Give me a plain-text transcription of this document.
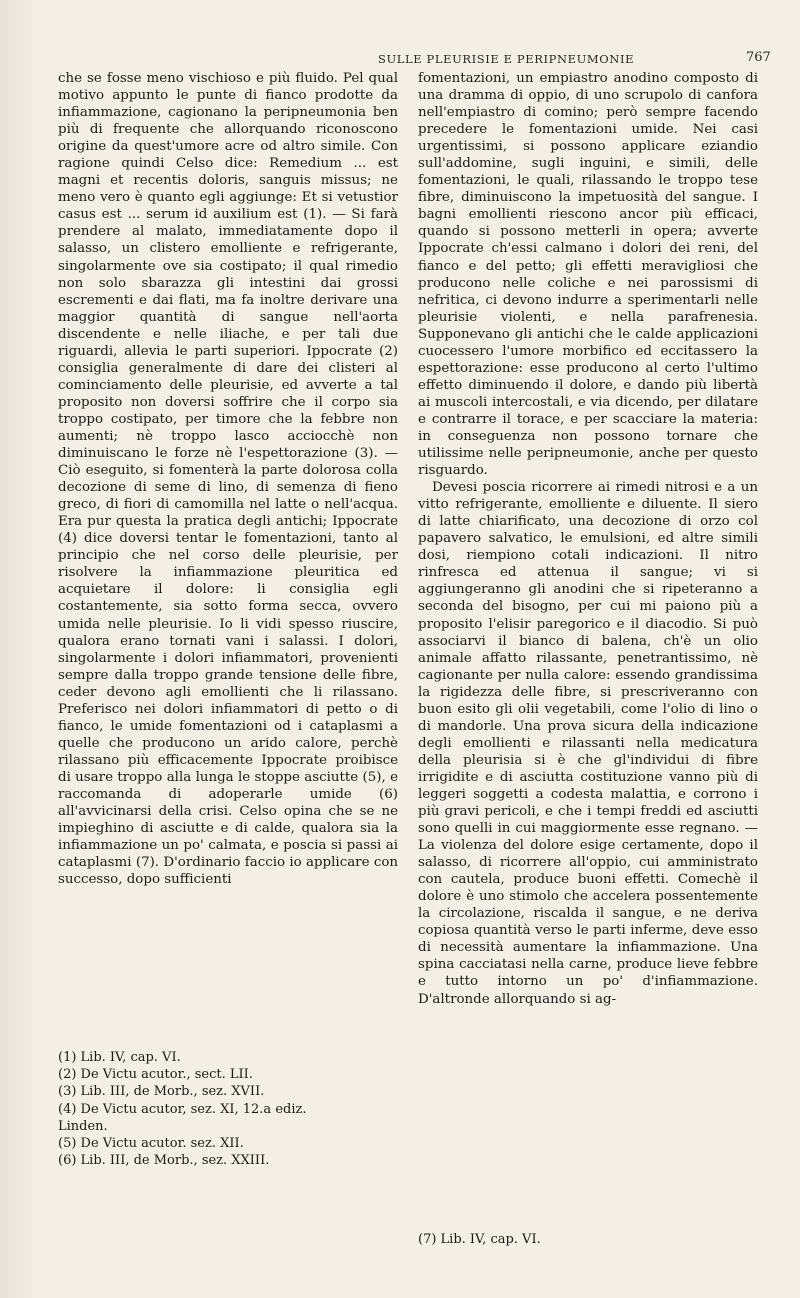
SULLE PLEURISIE E PERIPNEUMONIE	767

che se fosse meno vischioso e più fluido. Pel qual motivo appunto le punte di fianco prodotte da infiammazione, cagionano la peripneumonia ben più di frequente che allorquando riconoscono origine da quest'umore acre od altro simile. Con ragione quindi Celso dice: Remedium ... est magni et recentis doloris, sanguis missus; ne meno vero è quanto egli aggiunge: Et si vetustior casus est ... serum id auxilium est (1). — Si farà prendere al malato, immediatamente dopo il salasso, un clistero emolliente e refrigerante, singolarmente ove sia costipato; il qual rimedio non solo sbarazza gli intestini dai grossi escrementi e dai flati, ma fa inoltre derivare una maggior quantità di sangue nell'aorta discendente e nelle iliache, e per tali due riguardi, allevia le parti superiori. Ippocrate (2) consiglia generalmente di dare dei clisteri al cominciamento delle pleurisie, ed avverte a tal proposito non doversi soffrire che il corpo sia troppo costipato, per timore che la febbre non aumenti; nè troppo lasco acciocchè non diminuiscano le forze nè l'espettorazione (3). — Ciò eseguito, si fomenterà la parte dolorosa colla decozione di seme di lino, di semenza di fieno greco, di fiori di camomilla nel latte o nell'acqua. Era pur questa la pratica degli antichi; Ippocrate (4) dice doversi tentar le fomentazioni, tanto al principio che nel corso delle pleurisie, per risolvere la infiammazione pleuritica ed acquietare il dolore: li consiglia egli costantemente, sia sotto forma secca, ovvero umida nelle pleurisie. Io li vidi spesso riuscire, qualora erano tornati vani i salassi. I dolori, singolarmente i dolori infiammatori, provenienti sempre dalla troppo grande tensione delle fibre, ceder devono agli emollienti che li rilassano. Preferisco nei dolori infiammatori di petto o di fianco, le umide fomentazioni od i cataplasmi a quelle che producono un arido calore, perchè rilassano più efficacemente Ippocrate proibisce di usare troppo alla lunga le stoppe asciutte (5), e raccomanda di adoperarle umide (6) all'avvicinarsi della crisi. Celso opina che se ne impieghino di asciutte e di calde, qualora sia la infiammazione un po' calmata, e poscia si passi ai cataplasmi (7). D'ordinario faccio io applicare con successo, dopo sufficienti

fomentazioni, un empiastro anodino composto di una dramma di oppio, di uno scrupolo di canfora nell'empiastro di comino; però sempre facendo precedere le fomentazioni umide. Nei casi urgentissimi, si possono applicare eziandio sull'addomine, sugli inguini, e simili, delle fomentazioni, le quali, rilassando le troppo tese fibre, diminuiscono la impetuosità del sangue. I bagni emollienti riescono ancor più efficaci, quando si possono metterli in opera; avverte Ippocrate ch'essi calmano i dolori dei reni, del fianco e del petto; gli effetti meravigliosi che producono nelle coliche e nei parossismi di nefritica, ci devono indurre a sperimentarli nelle pleurisie violenti, e nella parafrenesia. Supponevano gli antichi che le calde applicazioni cuocessero l'umore morbifico ed eccitassero la espettorazione: esse producono al certo l'ultimo effetto diminuendo il dolore, e dando più libertà ai muscoli intercostali, e via dicendo, per dilatare e contrarre il torace, e per scacciare la materia: in conseguenza non possono tornare che utilissime nelle peripneumonie, anche per questo risguardo.

Devesi poscia ricorrere ai rimedi nitrosi e a un vitto refrigerante, emolliente e diluente. Il siero di latte chiarificato, una decozione di orzo col papavero salvatico, le emulsioni, ed altre simili dosi, riempiono cotali indicazioni. Il nitro rinfresca ed attenua il sangue; vi si aggiungeranno gli anodini che si ripeteranno a seconda del bisogno, per cui mi paiono più a proposito l'elisir paregorico e il diacodio. Si può associarvi il bianco di balena, ch'è un olio animale affatto rilassante, penetrantissimo, nè cagionante per nulla calore: essendo grandissima la rigidezza delle fibre, si prescriveranno con buon esito gli olii vegetabili, come l'olio di lino o di mandorle. Una prova sicura della indicazione degli emollienti e rilassanti nella medicatura della pleurisia si è che gl'individui di fibre irrigidite e di asciutta costituzione vanno più di leggeri soggetti a codesta malattia, e corrono i più gravi pericoli, e che i tempi freddi ed asciutti sono quelli in cui maggiormente esse regnano. — La violenza del dolore esige certamente, dopo il salasso, di ricorrere all'oppio, cui amministrato con cautela, produce buoni effetti. Comechè il dolore è uno stimolo che accelera possentemente la circolazione, riscalda il sangue, e ne deriva copiosa quantità verso le parti inferme, deve esso di necessità aumentare la infiammazione. Una spina cacciatasi nella carne, produce lieve febbre e tutto intorno un po' d'infiammazione. D'altronde allorquando si ag-

(1) Lib. IV, cap. VI.
(2) De Victu acutor., sect. LII.
(3) Lib. III, de Morb., sez. XVII.
(4) De Victu acutor, sez. XI, 12.a ediz.
Linden.
(5) De Victu acutor. sez. XII.
(6) Lib. III, de Morb., sez. XXIII.
(7) Lib. IV, cap. VI.
